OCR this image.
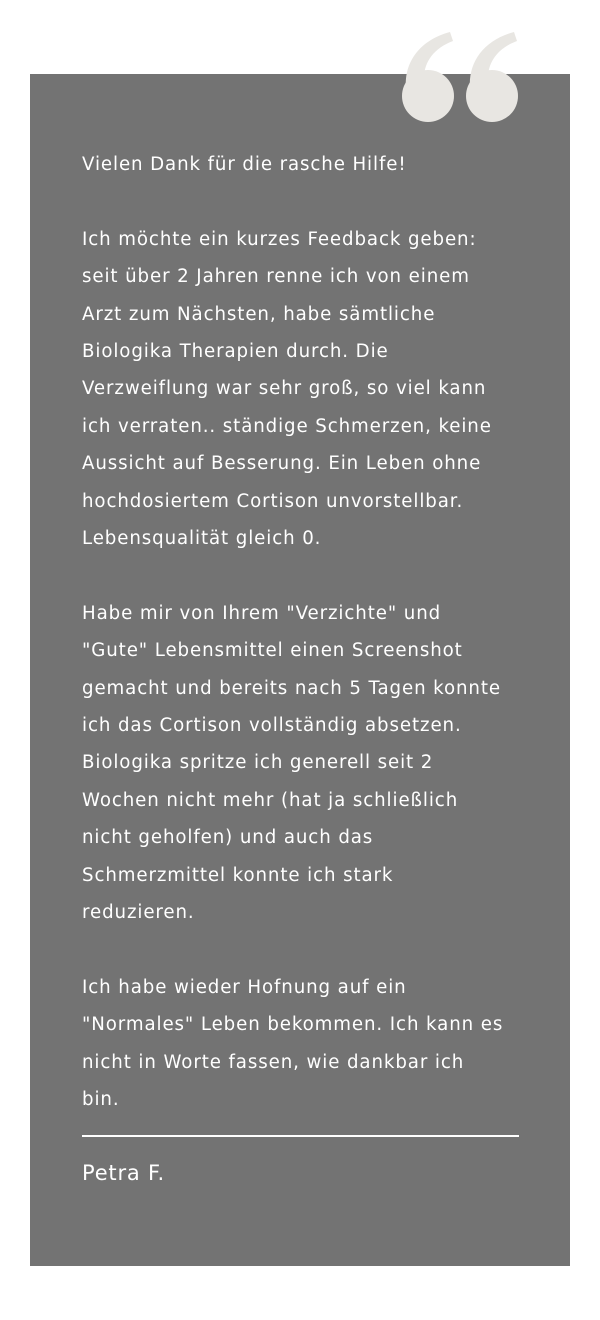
Vielen Dank für die rasche Hilfe!

Ich möchte ein kurzes Feedback geben:
seit über 2 Jahren renne ich von einem
Arzt zum Nächsten, habe sämtliche
Biologika Therapien durch. Die
Verzweiflung war sehr groß, so viel kann
ich verraten.. ständige Schmerzen, keine
Aussicht auf Besserung. Ein Leben ohne
hochdosiertem Cortison unvorstellbar.
Lebensqualität gleich 0.

Habe mir von Ihrem "Verzichte" und
"Gute" Lebensmittel einen Screenshot
gemacht und bereits nach 5 Tagen konnte
ich das Cortison vollständig absetzen.
Biologika spritze ich generell seit 2
Wochen nicht mehr (hat ja schließlich
nicht geholfen) und auch das
Schmerzmittel konnte ich stark
reduzieren.

Ich habe wieder Hofnung auf ein
"Normales" Leben bekommen. Ich kann es
nicht in Worte fassen, wie dankbar ich
bin.

Petra F.
